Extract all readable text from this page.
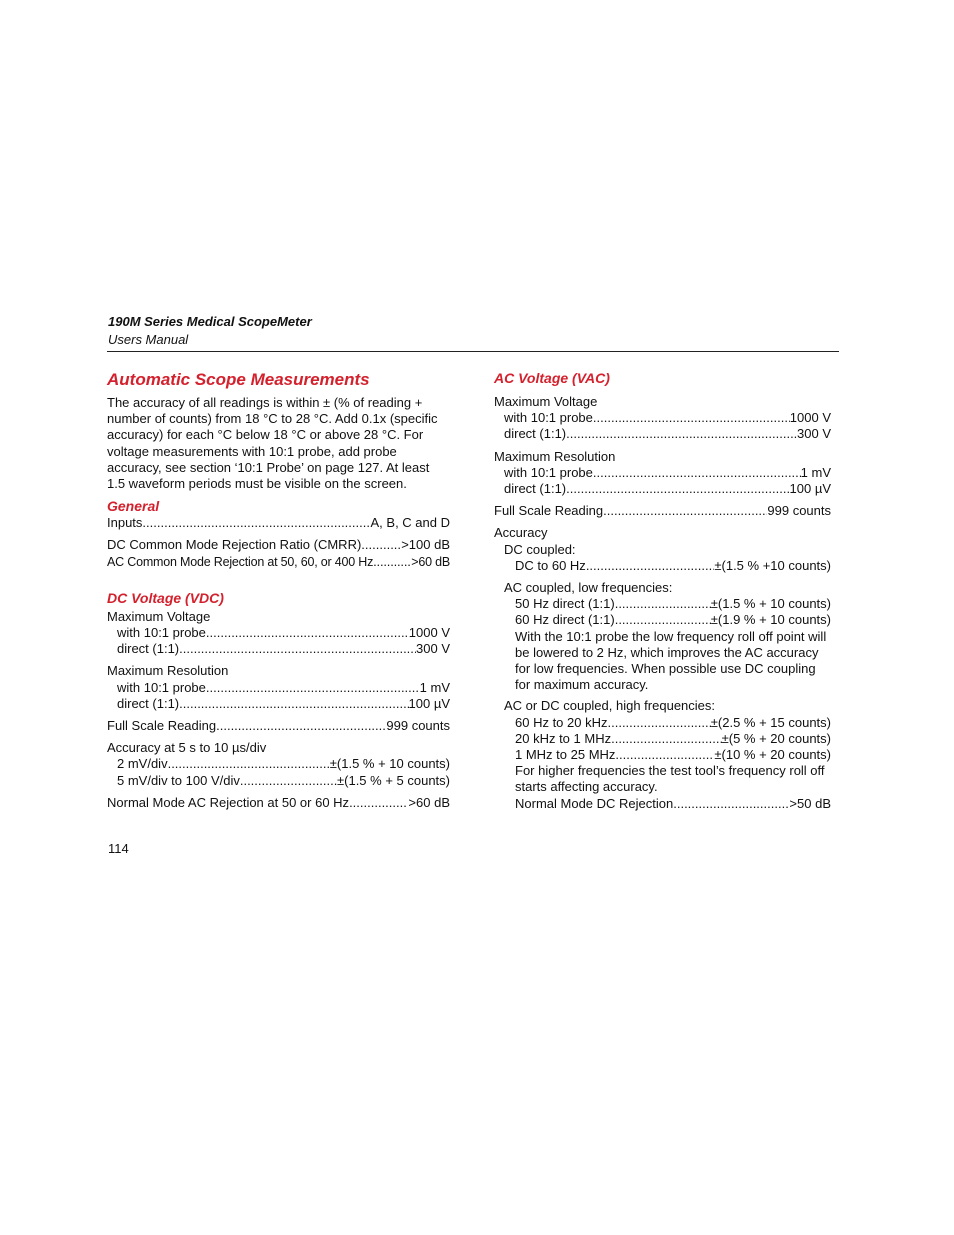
190M Series Medical ScopeMeter
Users Manual
Automatic Scope Measurements

The accuracy of all readings is within ± (% of reading + number of counts) from 18 °C to 28 °C. Add 0.1x (specific accuracy) for each °C below 18 °C or above 28 °C. For voltage measurements with 10:1 probe, add probe accuracy, see section ‘10:1 Probe’ on page 127. At least 1.5 waveform periods must be visible on the screen.

General
Inputs .....	A, B, C and D
DC Common Mode Rejection Ratio (CMRR) .....	>100 dB
AC Common Mode Rejection at 50, 60, or 400 Hz .....	>60 dB
DC Voltage (VDC)
Maximum Voltage
with 10:1 probe .....	1000 V
direct (1:1) .....	300 V
Maximum Resolution
with 10:1 probe .....	1 mV
direct (1:1) .....	100 µV
Full Scale Reading .....	999 counts
Accuracy at 5 s to 10 µs/div
2 mV/div .....	±(1.5 % + 10 counts)
5 mV/div to 100 V/div .....	±(1.5 % + 5 counts)
Normal Mode AC Rejection at 50 or 60 Hz .....	>60 dB
AC Voltage (VAC)
Maximum Voltage
with 10:1 probe .....	1000 V
direct (1:1) .....	300 V
Maximum Resolution
with 10:1 probe .....	1 mV
direct (1:1) .....	100 µV
Full Scale Reading .....	999 counts
Accuracy
DC coupled:
DC to 60 Hz .....	±(1.5 % +10 counts)
AC coupled, low frequencies:
50 Hz direct (1:1) .....	±(1.5 % + 10 counts)
60 Hz direct (1:1) .....	±(1.9 % + 10 counts)
With the 10:1 probe the low frequency roll off point will
be lowered to 2 Hz, which improves the AC accuracy
for low frequencies. When possible use DC coupling
for maximum accuracy.
AC or DC coupled, high frequencies:
60 Hz to 20 kHz .....	±(2.5 % + 15 counts)
20 kHz to 1 MHz .....	±(5 % + 20 counts)
1 MHz to 25 MHz .....	±(10 % + 20 counts)
For higher frequencies the test tool’s frequency roll off
starts affecting accuracy.
Normal Mode DC Rejection .....	>50 dB
114
